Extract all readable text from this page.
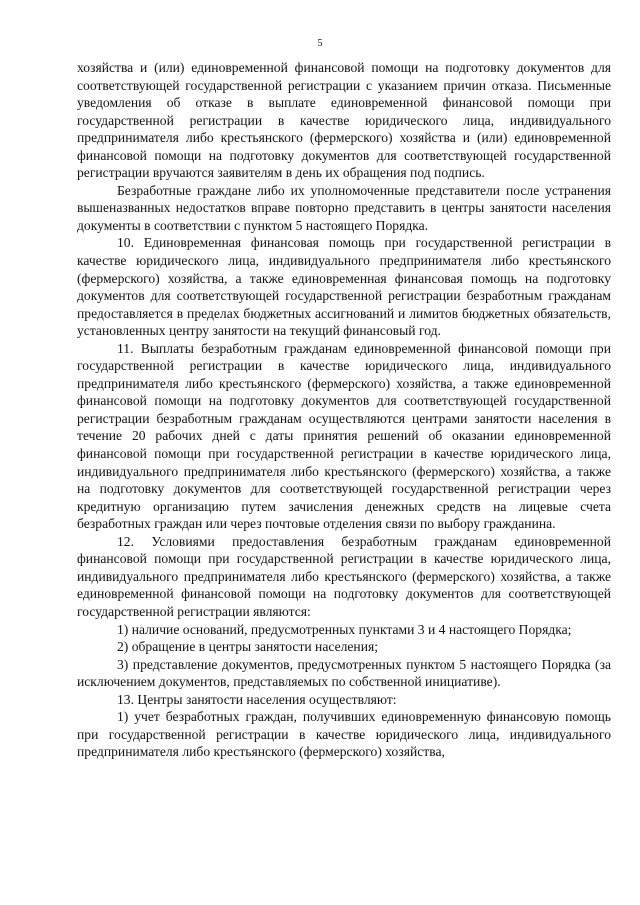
5

хозяйства и (или) единовременной финансовой помощи на подготовку документов для соответствующей государственной регистрации с указанием причин отказа. Письменные уведомления об отказе в выплате единовременной финансовой помощи при государственной регистрации в качестве юридического лица, индивидуального предпринимателя либо крестьянского (фермерского) хозяйства и (или) единовременной финансовой помощи на подготовку документов для соответствующей государственной регистрации вручаются заявителям в день их обращения под подпись.

Безработные граждане либо их уполномоченные представители после устранения вышеназванных недостатков вправе повторно представить в центры занятости населения документы в соответствии с пунктом 5 настоящего Порядка.

10. Единовременная финансовая помощь при государственной регистрации в качестве юридического лица, индивидуального предпринимателя либо крестьянского (фермерского) хозяйства, а также единовременная финансовая помощь на подготовку документов для соответствующей государственной регистрации безработным гражданам предоставляется в пределах бюджетных ассигнований и лимитов бюджетных обязательств, установленных центру занятости на текущий финансовый год.

11. Выплаты безработным гражданам единовременной финансовой помощи при государственной регистрации в качестве юридического лица, индивидуального предпринимателя либо крестьянского (фермерского) хозяйства, а также единовременной финансовой помощи на подготовку документов для соответствующей государственной регистрации безработным гражданам осуществляются центрами занятости населения в течение 20 рабочих дней с даты принятия решений об оказании единовременной финансовой помощи при государственной регистрации в качестве юридического лица, индивидуального предпринимателя либо крестьянского (фермерского) хозяйства, а также на подготовку документов для соответствующей государственной регистрации через кредитную организацию путем зачисления денежных средств на лицевые счета безработных граждан или через почтовые отделения связи по выбору гражданина.

12. Условиями предоставления безработным гражданам единовременной финансовой помощи при государственной регистрации в качестве юридического лица, индивидуального предпринимателя либо крестьянского (фермерского) хозяйства, а также единовременной финансовой помощи на подготовку документов для соответствующей государственной регистрации являются:

1) наличие оснований, предусмотренных пунктами 3 и 4 настоящего Порядка;

2) обращение в центры занятости населения;

3) представление документов, предусмотренных пунктом 5 настоящего Порядка (за исключением документов, представляемых по собственной инициативе).

13. Центры занятости населения осуществляют:

1) учет безработных граждан, получивших единовременную финансовую помощь при государственной регистрации в качестве юридического лица, индивидуального предпринимателя либо крестьянского (фермерского) хозяйства,
